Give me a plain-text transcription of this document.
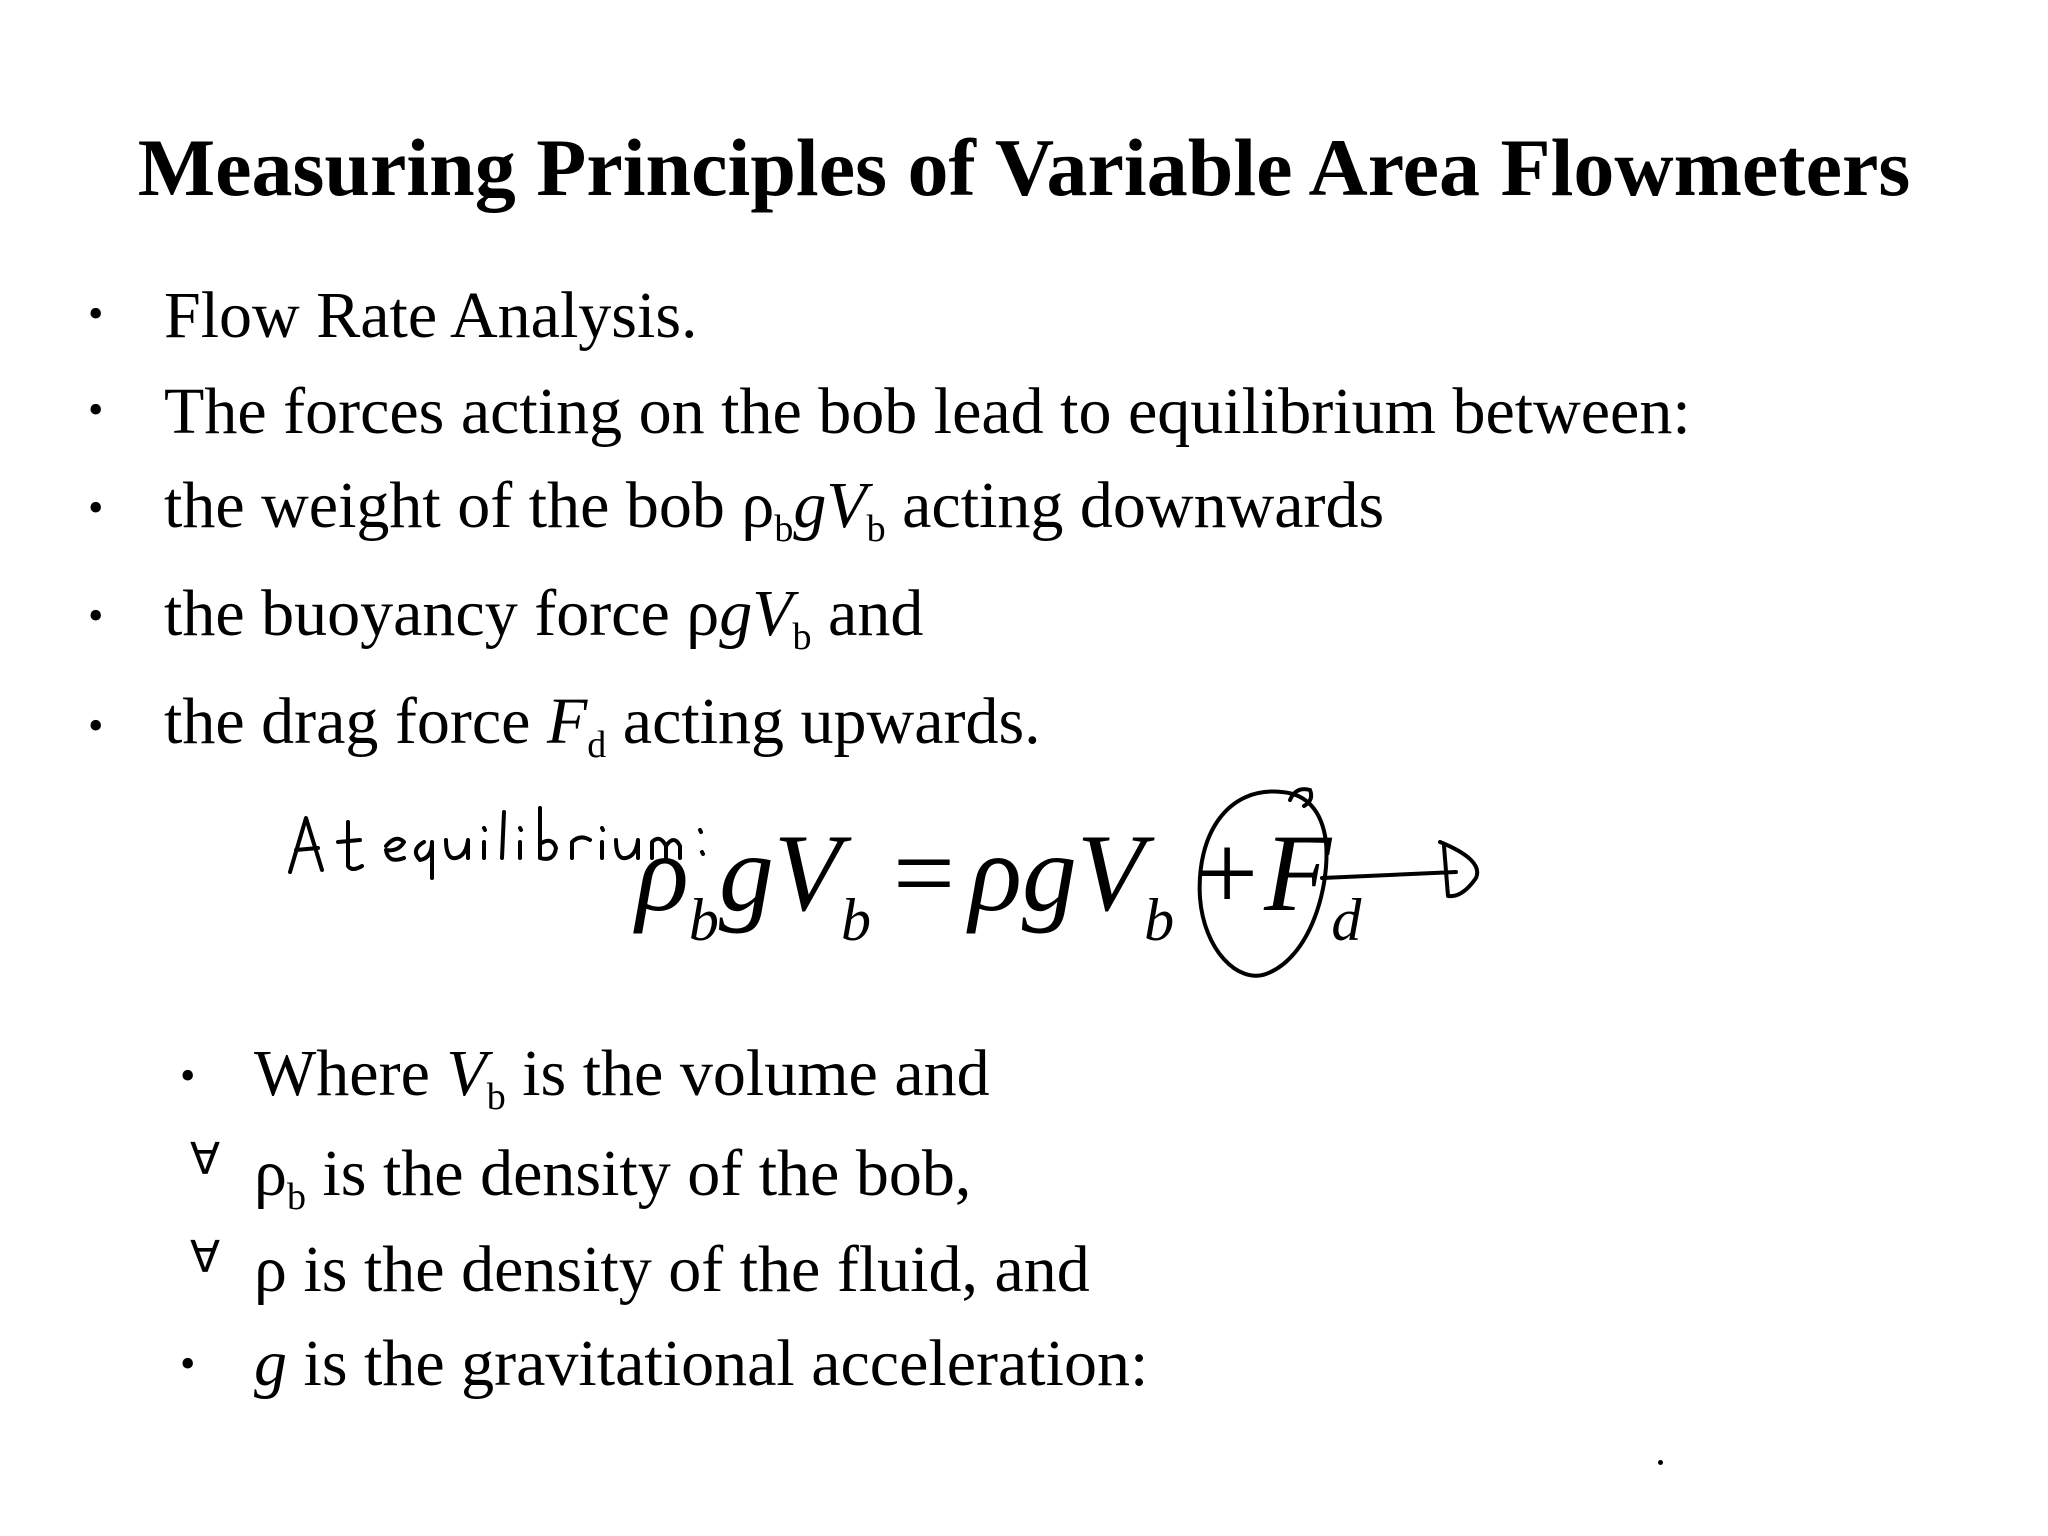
Measuring Principles of Variable Area Flowmeters
• Flow Rate Analysis.
• The forces acting on the bob lead to equilibrium between:
• the weight of the bob $\rho_bgV_b$ acting downwards
• the buoyancy force ρgV$_b$ and
• the drag force $F_d$ acting upwards.
$\rho_bgV_b = \rho gV_b +F_d$
• Where $V_b$ is the volume and
∀ $\rho_b$ is the density of the bob,
∀ ρ is the density of the fluid, and
• g is the gravitational acceleration:
